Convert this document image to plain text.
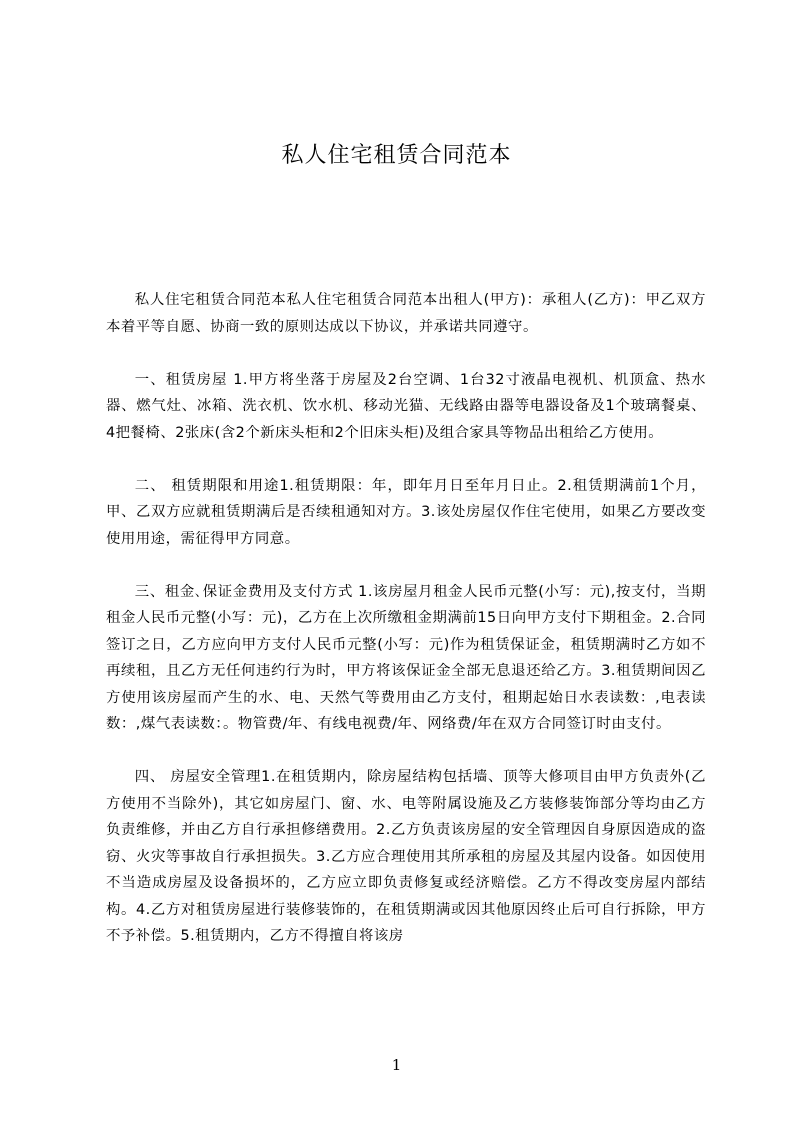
私人住宅租赁合同范本

私人住宅租赁合同范本私人住宅租赁合同范本出租人(甲方)：承租人(乙方)：甲乙双方本着平等自愿、协商一致的原则达成以下协议，并承诺共同遵守。

一、租赁房屋 1.甲方将坐落于房屋及2台空调、1台32寸液晶电视机、机顶盒、热水器、燃气灶、冰箱、洗衣机、饮水机、移动光猫、无线路由器等电器设备及1个玻璃餐桌、4把餐椅、2张床(含2个新床头柜和2个旧床头柜)及组合家具等物品出租给乙方使用。

二、 租赁期限和用途1.租赁期限：年，即年月日至年月日止。2.租赁期满前1个月，甲、乙双方应就租赁期满后是否续租通知对方。3.该处房屋仅作住宅使用，如果乙方要改变使用用途，需征得甲方同意。

三、租金､保证金费用及支付方式 1.该房屋月租金人民币元整(小写：元),按支付，当期租金人民币元整(小写：元)，乙方在上次所缴租金期满前15日向甲方支付下期租金。2.合同签订之日，乙方应向甲方支付人民币元整(小写：元)作为租赁保证金，租赁期满时乙方如不再续租，且乙方无任何违约行为时，甲方将该保证金全部无息退还给乙方。3.租赁期间因乙方使用该房屋而产生的水、电、天然气等费用由乙方支付，租期起始日水表读数：,电表读数：,煤气表读数：。物管费/年、有线电视费/年、网络费/年在双方合同签订时由支付。

四、 房屋安全管理1.在租赁期内，除房屋结构包括墙、顶等大修项目由甲方负责外(乙方使用不当除外)，其它如房屋门、窗、水、电等附属设施及乙方装修装饰部分等均由乙方负责维修，并由乙方自行承担修缮费用。2.乙方负责该房屋的安全管理因自身原因造成的盗窃、火灾等事故自行承担损失。3.乙方应合理使用其所承租的房屋及其屋内设备。如因使用不当造成房屋及设备损坏的，乙方应立即负责修复或经济赔偿。乙方不得改变房屋内部结构。4.乙方对租赁房屋进行装修装饰的，在租赁期满或因其他原因终止后可自行拆除，甲方不予补偿。5.租赁期内，乙方不得擅自将该房

1
